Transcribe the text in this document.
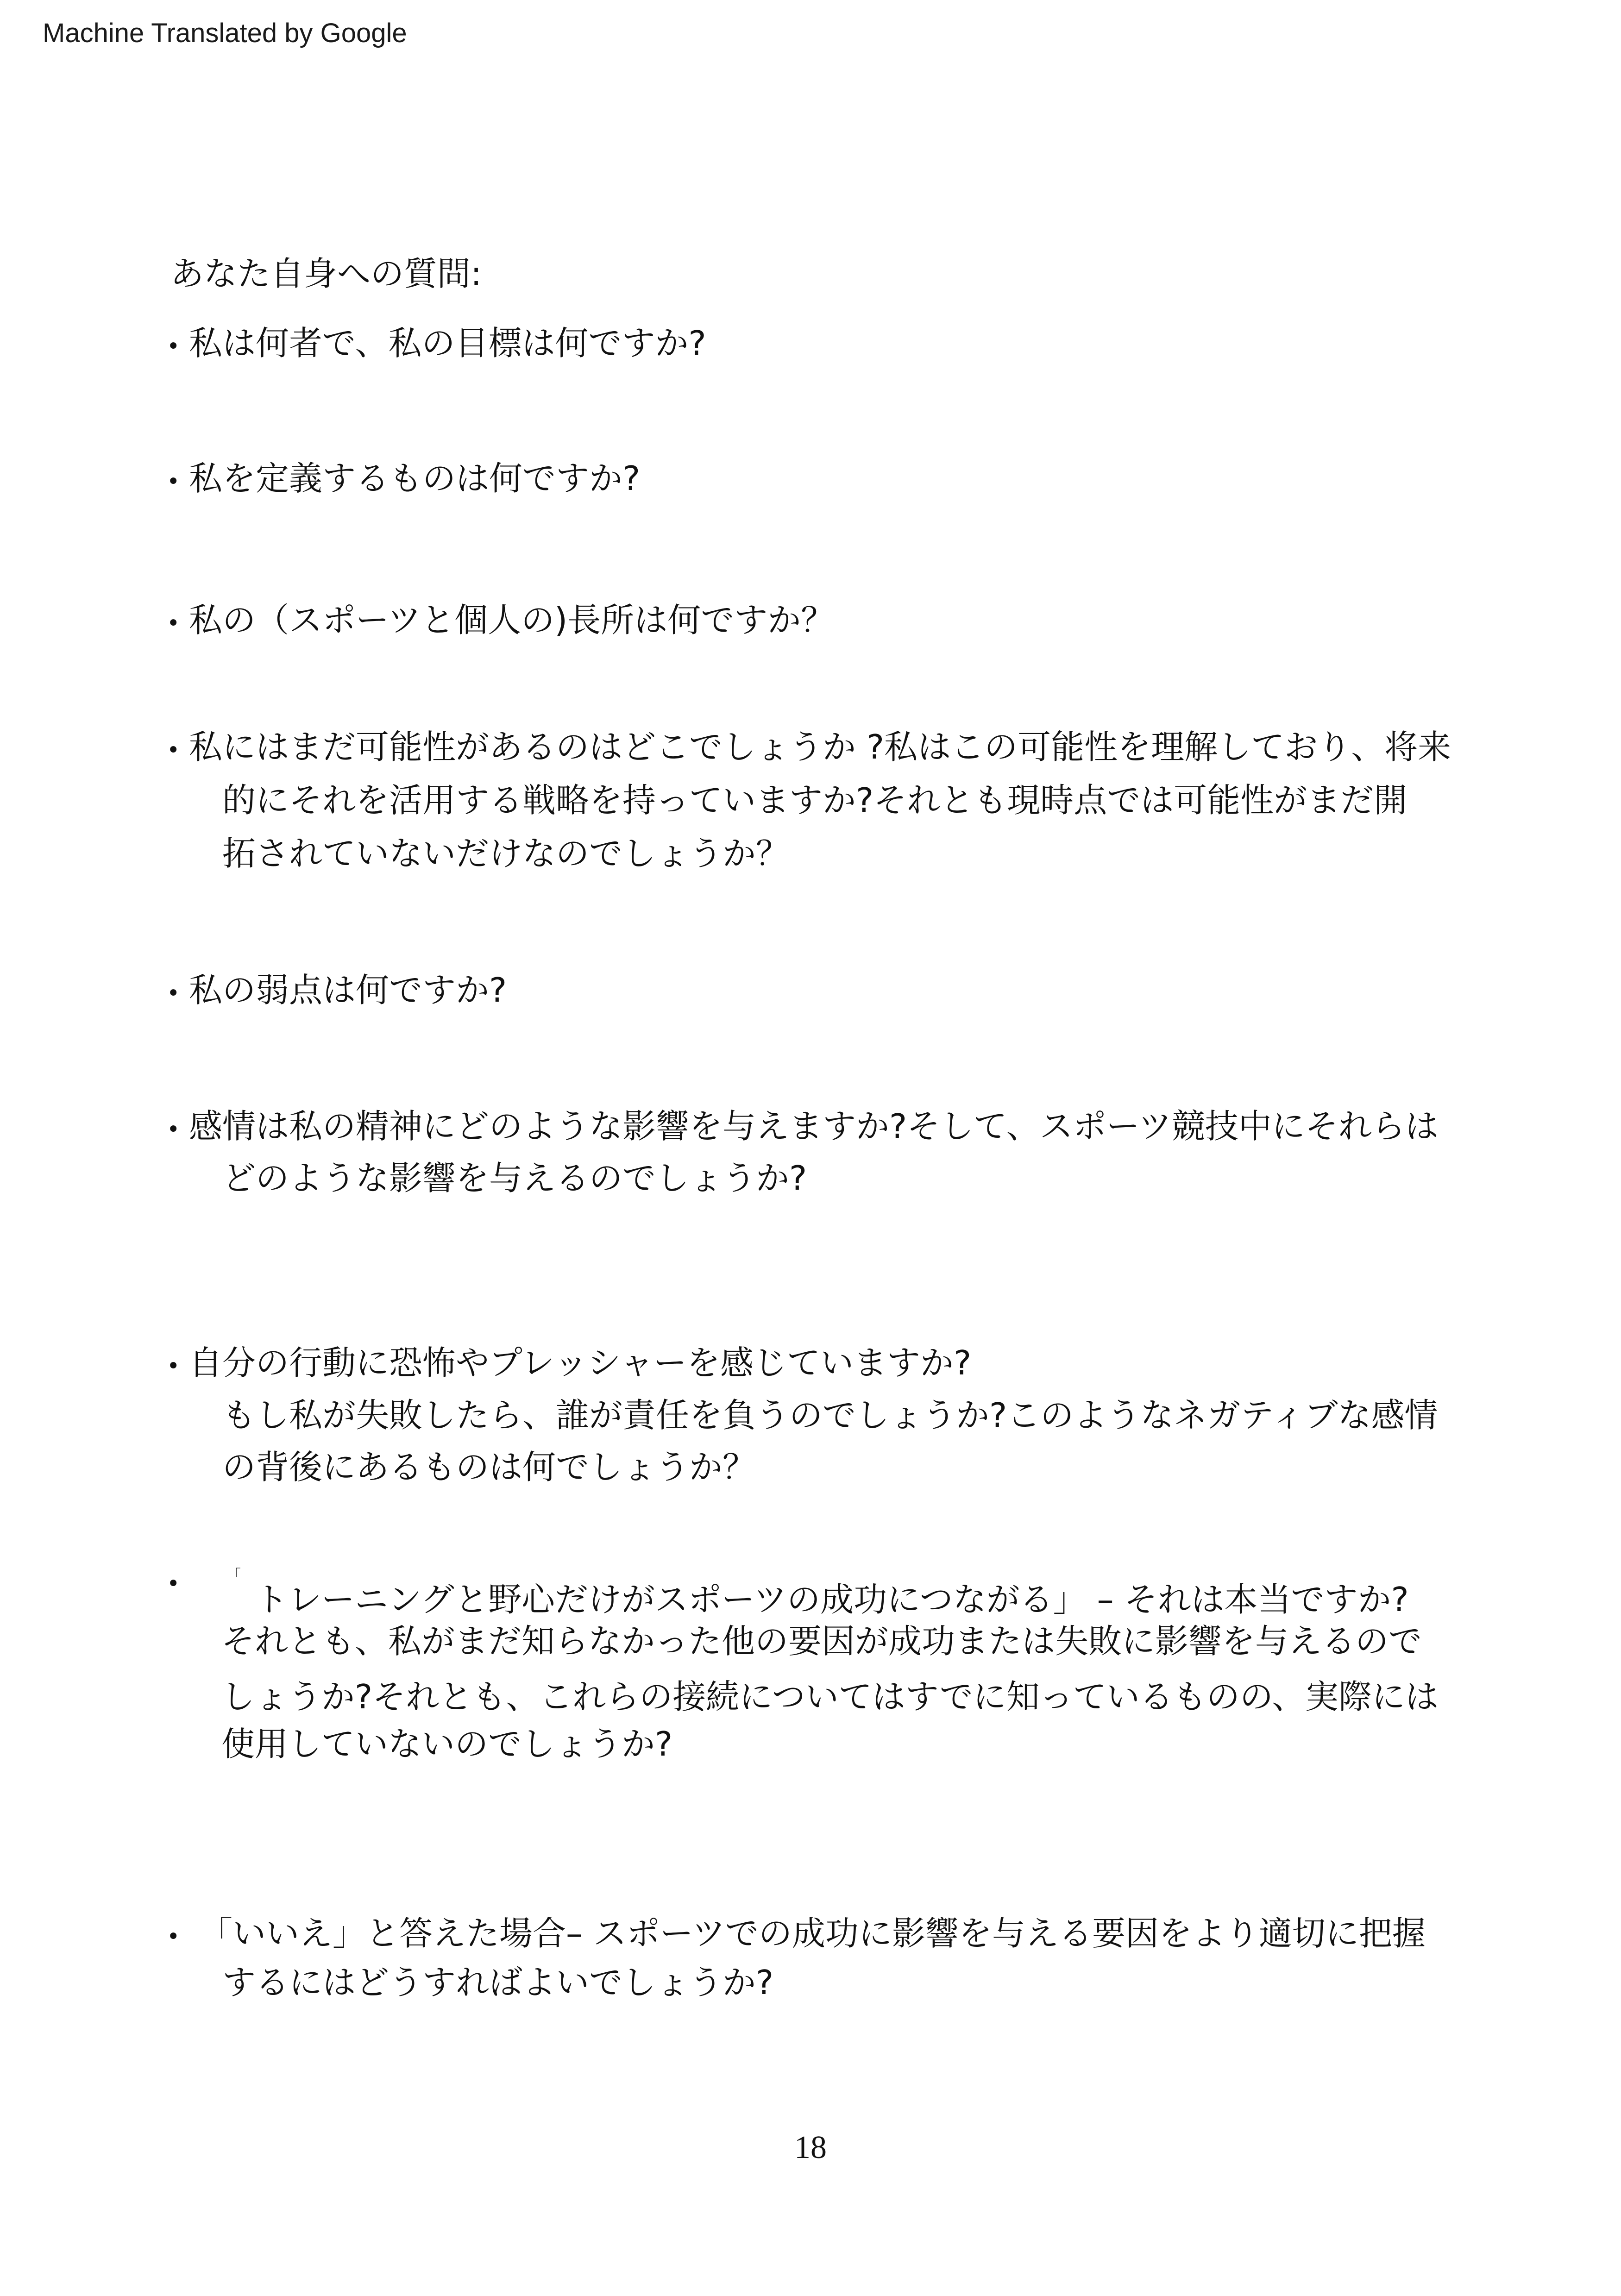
Machine Translated by Google
あなた自身への質問:
• 私は何者で、私の目標は何ですか?
• 私を定義するものは何ですか?
• 私の（スポーツと個人の)長所は何ですか？
• 私にはまだ可能性があるのはどこでしょうか ?私はこの可能性を理解しており、将来
的にそれを活用する戦略を持っていますか?それとも現時点では可能性がまだ開
拓されていないだけなのでしょうか？
• 私の弱点は何ですか?
• 感情は私の精神にどのような影響を与えますか?そして、スポーツ競技中にそれらは
どのような影響を与えるのでしょうか?
• 自分の行動に恐怖やプレッシャーを感じていますか?
もし私が失敗したら、誰が責任を負うのでしょうか?このようなネガティブな感情
の背後にあるものは何でしょうか？
•	「
トレーニングと野心だけがスポーツの成功につながる」 – それは本当ですか?
それとも、私がまだ知らなかった他の要因が成功または失敗に影響を与えるので
しょうか?それとも、これらの接続についてはすでに知っているものの、実際には
使用していないのでしょうか?
• 「いいえ」と答えた場合– スポーツでの成功に影響を与える要因をより適切に把握
するにはどうすればよいでしょうか?
18
